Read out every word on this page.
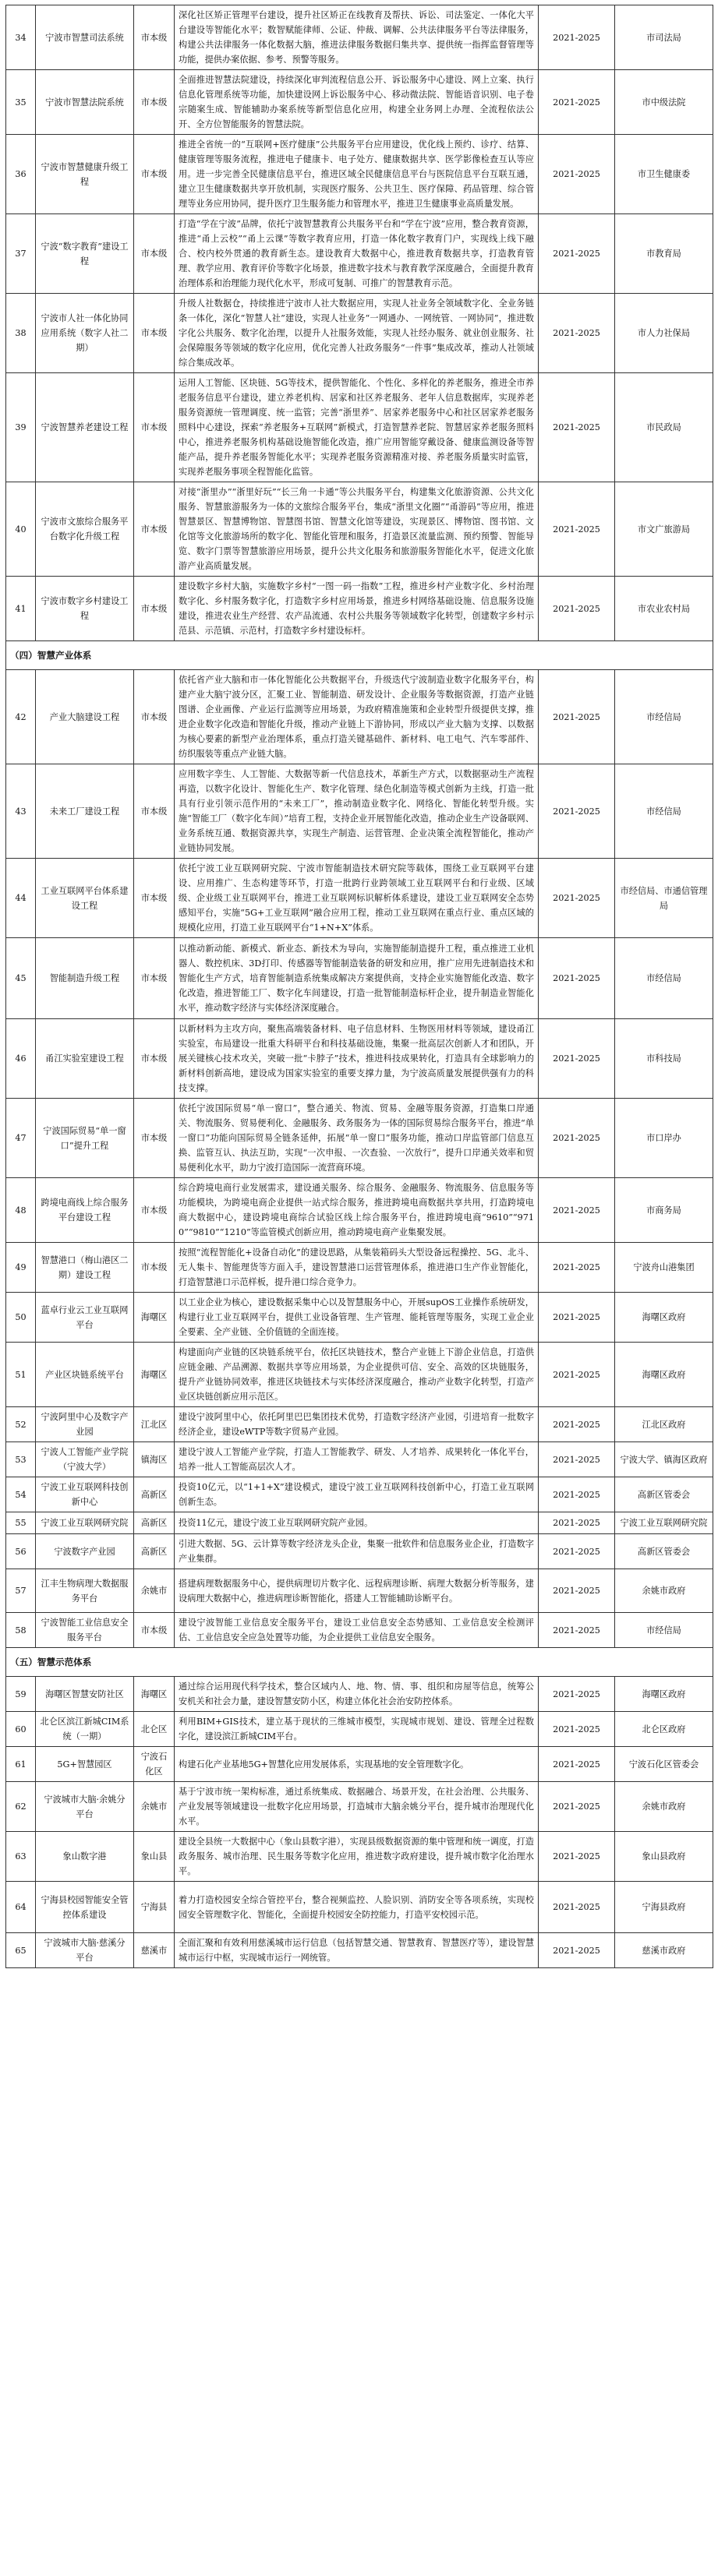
34	宁波市智慧司法系统	市本级	深化社区矫正管理平台建设，提升社区矫正在线教育及帮扶、诉讼、司法鉴定、一体化大平台建设等智能化水平；数智赋能律师、公证、仲裁、调解、公共法律服务平台等法律服务，构建公共法律服务一体化数据大脑，推进法律服务数据归集共享、提供统一指挥监督管理等功能，提供办案依据、参考、预警等服务。	2021-2025	市司法局
35	宁波市智慧法院系统	市本级	全面推进智慧法院建设，持续深化审判流程信息公开、诉讼服务中心建设、网上立案、执行信息化管理系统等功能，加快建设网上诉讼服务中心、移动微法院、智能语音识别、电子卷宗随案生成、智能辅助办案系统等新型信息化应用，构建全业务网上办理、全流程依法公开、全方位智能服务的智慧法院。	2021-2025	市中级法院
36	宁波市智慧健康升级工程	市本级	推进全省统一的“互联网+医疗健康”公共服务平台应用建设，优化线上预约、诊疗、结算、健康管理等服务流程，推进电子健康卡、电子处方、健康数据共享、医学影像检查互认等应用。进一步完善全民健康信息平台，推进区域全民健康信息平台与医院信息平台互联互通，建立卫生健康数据共享开放机制，实现医疗服务、公共卫生、医疗保障、药品管理、综合管理等业务应用协同，提升医疗卫生服务能力和管理水平，推进卫生健康事业高质量发展。	2021-2025	市卫生健康委
37	宁波“数字教育”建设工程	市本级	打造“学在宁波”品牌，依托宁波智慧教育公共服务平台和“学在宁波”应用，整合教育资源，推进“甬上云校”“甬上云课”等数字教育应用，打造一体化数字教育门户，实现线上线下融合、校内校外贯通的教育新生态。建设教育大数据中心，推进教育数据共享，打造教育管理、教学应用、教育评价等数字化场景，推进数字技术与教育教学深度融合，全面提升教育治理体系和治理能力现代化水平，形成可复制、可推广的智慧教育示范。	2021-2025	市教育局
38	宁波市人社一体化协同应用系统（数字人社二期）	市本级	升级人社数据仓，持续推进宁波市人社大数据应用，实现人社业务全领域数字化、全业务链条一体化，深化“智慧人社”建设，实现人社业务“一网通办、一网统管、一网协同”，推进数字化公共服务、数字化治理，以提升人社服务效能，实现人社经办服务、就业创业服务、社会保障服务等领域的数字化应用，优化完善人社政务服务“一件事”集成改革，推动人社领域综合集成改革。	2021-2025	市人力社保局
39	宁波智慧养老建设工程	市本级	运用人工智能、区块链、5G等技术，提供智能化、个性化、多样化的养老服务，推进全市养老服务信息平台建设，建立养老机构、居家和社区养老服务、老年人信息数据库，实现养老服务资源统一管理调度、统一监管；完善“浙里养”、居家养老服务中心和社区居家养老服务照料中心建设，探索“养老服务+互联网”新模式，打造智慧养老院、智慧居家养老服务照料中心，推进养老服务机构基础设施智能化改造，推广应用智能穿戴设备、健康监测设备等智能产品，提升养老服务智能化水平；实现养老服务资源精准对接、养老服务质量实时监管，实现养老服务事项全程智能化监管。	2021-2025	市民政局
40	宁波市文旅综合服务平台数字化升级工程	市本级	对接“浙里办”“浙里好玩”“长三角一卡通”等公共服务平台，构建集文化旅游资源、公共文化服务、智慧旅游服务为一体的文旅综合服务平台，集成“浙里文化圈”“甬游码”等应用，推进智慧景区、智慧博物馆、智慧图书馆、智慧文化馆等建设，实现景区、博物馆、图书馆、文化馆等文化旅游场所的数字化、智能化管理和服务，打造景区流量监测、预约预警、智能导览、数字门票等智慧旅游应用场景，提升公共文化服务和旅游服务智能化水平，促进文化旅游产业高质量发展。	2021-2025	市文广旅游局
41	宁波市数字乡村建设工程	市本级	建设数字乡村大脑，实施数字乡村“一图一码一指数”工程，推进乡村产业数字化、乡村治理数字化、乡村服务数字化，打造数字乡村应用场景，推进乡村网络基础设施、信息服务设施建设，推进农业生产经营、农产品流通、农村公共服务等领域数字化转型，创建数字乡村示范县、示范镇、示范村，打造数字乡村建设标杆。	2021-2025	市农业农村局
（四）智慧产业体系					
42	产业大脑建设工程	市本级	依托省产业大脑和市一体化智能化公共数据平台，升级迭代宁波制造业数字化服务平台，构建产业大脑宁波分区，汇聚工业、智能制造、研发设计、企业服务等数据资源，打造产业链图谱、企业画像、产业运行监测等应用场景，为政府精准施策和企业转型升级提供支撑，推进企业数字化改造和智能化升级，推动产业链上下游协同，形成以产业大脑为支撑、以数据为核心要素的新型产业治理体系，重点打造关键基础件、新材料、电工电气、汽车零部件、纺织服装等重点产业链大脑。	2021-2025	市经信局
43	未来工厂建设工程	市本级	应用数字孪生、人工智能、大数据等新一代信息技术，革新生产方式，以数据驱动生产流程再造，以数字化设计、智能化生产、数字化管理、绿色化制造等模式创新为主线，打造一批具有行业引领示范作用的“未来工厂”，推动制造业数字化、网络化、智能化转型升级。实施“智能工厂（数字化车间）”培育工程，支持企业开展智能化改造，推动企业生产设备联网、业务系统互通、数据资源共享，实现生产制造、运营管理、企业决策全流程智能化，推动产业链协同发展。	2021-2025	市经信局
44	工业互联网平台体系建设工程	市本级	依托宁波工业互联网研究院、宁波市智能制造技术研究院等载体，围绕工业互联网平台建设、应用推广、生态构建等环节，打造一批跨行业跨领域工业互联网平台和行业级、区域级、企业级工业互联网平台，推进工业互联网标识解析体系建设，建设工业互联网安全态势感知平台，实施“5G+工业互联网”融合应用工程，推动工业互联网在重点行业、重点区域的规模化应用，打造工业互联网平台“1+N+X”体系。	2021-2025	市经信局、市通信管理局
45	智能制造升级工程	市本级	以推动新动能、新模式、新业态、新技术为导向，实施智能制造提升工程，重点推进工业机器人、数控机床、3D打印、传感器等智能制造装备的研发和应用，推广应用先进制造技术和智能化生产方式，培育智能制造系统集成解决方案提供商，支持企业实施智能化改造、数字化改造，推进智能工厂、数字化车间建设，打造一批智能制造标杆企业，提升制造业智能化水平，推动数字经济与实体经济深度融合。	2021-2025	市经信局
46	甬江实验室建设工程	市本级	以新材料为主攻方向，聚焦高端装备材料、电子信息材料、生物医用材料等领域，建设甬江实验室，布局建设一批重大科研平台和科技基础设施，集聚一批高层次创新人才和团队，开展关键核心技术攻关，突破一批“卡脖子”技术，推进科技成果转化，打造具有全球影响力的新材料创新高地，建设成为国家实验室的重要支撑力量，为宁波高质量发展提供强有力的科技支撑。	2021-2025	市科技局
47	宁波国际贸易“单一窗口”提升工程	市本级	依托宁波国际贸易“单一窗口”，整合通关、物流、贸易、金融等服务资源，打造集口岸通关、物流服务、贸易便利化、金融服务、政务服务为一体的国际贸易综合服务平台，推进“单一窗口”功能向国际贸易全链条延伸，拓展“单一窗口”服务功能，推动口岸监管部门信息互换、监管互认、执法互助，实现“一次申报、一次查验、一次放行”，提升口岸通关效率和贸易便利化水平，助力宁波打造国际一流营商环境。	2021-2025	市口岸办
48	跨境电商线上综合服务平台建设工程	市本级	综合跨境电商行业发展需求，建设通关服务、综合服务、金融服务、物流服务、信息服务等功能模块，为跨境电商企业提供一站式综合服务，推进跨境电商数据共享共用，打造跨境电商大数据中心，建设跨境电商综合试验区线上综合服务平台，推进跨境电商“9610”“9710”“9810”“1210”等监管模式创新应用，推动跨境电商产业集聚发展。	2021-2025	市商务局
49	智慧港口（梅山港区二期）建设工程	市本级	按照“流程智能化+设备自动化”的建设思路，从集装箱码头大型设备远程操控、5G、北斗、无人集卡、智能理货等方面入手，建设智慧港口运营管理体系，推进港口生产作业智能化，打造智慧港口示范样板，提升港口综合竞争力。	2021-2025	宁波舟山港集团
50	蓝卓行业云工业互联网平台	海曙区	以工业企业为核心，建设数据采集中心以及智慧服务中心，开展supOS工业操作系统研发，构建行业工业互联网平台，提供工业设备管理、生产管理、能耗管理等服务，实现工业企业全要素、全产业链、全价值链的全面连接。	2021-2025	海曙区政府
51	产业区块链系统平台	海曙区	构建面向产业链的区块链系统平台，依托区块链技术，整合产业链上下游企业信息，打造供应链金融、产品溯源、数据共享等应用场景，为企业提供可信、安全、高效的区块链服务，提升产业链协同效率，推进区块链技术与实体经济深度融合，推动产业数字化转型，打造产业区块链创新应用示范区。	2021-2025	海曙区政府
52	宁波阿里中心及数字产业园	江北区	建设宁波阿里中心，依托阿里巴巴集团技术优势，打造数字经济产业园，引进培育一批数字经济企业，建设eWTP等数字贸易产业园。	2021-2025	江北区政府
53	宁波人工智能产业学院（宁波大学）	镇海区	建设宁波人工智能产业学院，打造人工智能教学、研发、人才培养、成果转化一体化平台，培养一批人工智能高层次人才。	2021-2025	宁波大学、镇海区政府
54	宁波工业互联网科技创新中心	高新区	投资10亿元，以“1+1+X”建设模式，建设宁波工业互联网科技创新中心，打造工业互联网创新生态。	2021-2025	高新区管委会
55	宁波工业互联网研究院	高新区	投资11亿元，建设宁波工业互联网研究院产业园。	2021-2025	宁波工业互联网研究院
56	宁波数字产业园	高新区	引进大数据、5G、云计算等数字经济龙头企业，集聚一批软件和信息服务业企业，打造数字产业集群。	2021-2025	高新区管委会
57	江丰生物病理大数据服务平台	余姚市	搭建病理数据服务中心，提供病理切片数字化、远程病理诊断、病理大数据分析等服务，建设病理大数据中心，推进病理诊断智能化，搭建人工智能辅助诊断平台。	2021-2025	余姚市政府
58	宁波智能工业信息安全服务平台	市本级	建设宁波智能工业信息安全服务平台，建设工业信息安全态势感知、工业信息安全检测评估、工业信息安全应急处置等功能，为企业提供工业信息安全服务。	2021-2025	市经信局
（五）智慧示范体系					
59	海曙区智慧安防社区	海曙区	通过综合运用现代科学技术，整合区域内人、地、物、情、事、组织和房屋等信息，统筹公安机关和社会力量，建设智慧安防小区，构建立体化社会治安防控体系。	2021-2025	海曙区政府
60	北仑区滨江新城CIM系统（一期）	北仑区	利用BIM+GIS技术，建立基于现状的三维城市模型，实现城市规划、建设、管理全过程数字化，建设滨江新城CIM平台。	2021-2025	北仑区政府
61	5G+智慧园区	宁波石化区	构建石化产业基地5G+智慧化应用发展体系，实现基地的安全管理数字化。	2021-2025	宁波石化区管委会
62	宁波城市大脑·余姚分平台	余姚市	基于宁波市统一架构标准，通过系统集成、数据融合、场景开发，在社会治理、公共服务、产业发展等领域建设一批数字化应用场景，打造城市大脑余姚分平台，提升城市治理现代化水平。	2021-2025	余姚市政府
63	象山数字港	象山县	建设全县统一大数据中心（象山县数字港），实现县级数据资源的集中管理和统一调度，打造政务服务、城市治理、民生服务等数字化应用，推进数字政府建设，提升城市数字化治理水平。	2021-2025	象山县政府
64	宁海县校园智能安全管控体系建设	宁海县	着力打造校园安全综合管控平台，整合视频监控、人脸识别、消防安全等各项系统，实现校园安全管理数字化、智能化，全面提升校园安全防控能力，打造平安校园示范。	2021-2025	宁海县政府
65	宁波城市大脑·慈溪分平台	慈溪市	全面汇聚和有效利用慈溪城市运行信息（包括智慧交通、智慧教育、智慧医疗等），建设智慧城市运行中枢，实现城市运行一网统管。	2021-2025	慈溪市政府
